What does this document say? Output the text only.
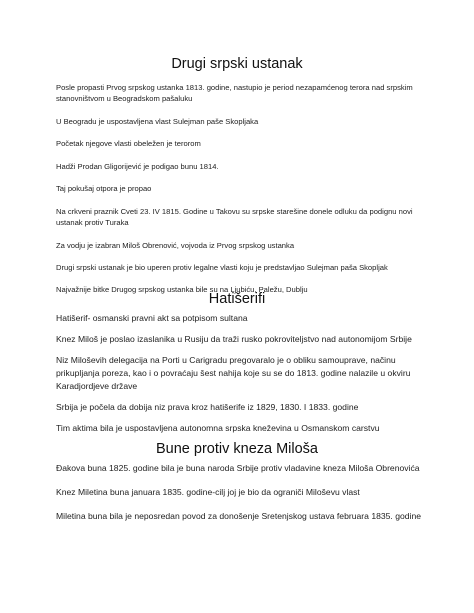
Drugi srpski ustanak

Posle propasti Prvog srpskog ustanka 1813. godine, nastupio je period nezapamćenog terora nad srpskim stanovništvom u Beogradskom pašaluku

U Beogradu je uspostavljena vlast Sulejman paše Skopljaka

Početak njegove vlasti obeležen je terorom

Hadži Prodan Gligorijević je podigao bunu 1814.

Taj pokušaj otpora je propao

Na crkveni praznik Cveti 23. IV 1815. Godine u Takovu su srpske starešine donele odluku da podignu novi ustanak protiv Turaka

Za vodju je izabran Miloš Obrenović, vojvoda iz Prvog srpskog ustanka

Drugi srpski ustanak je bio uperen protiv legalne vlasti koju je predstavljao Sulejman paša Skopljak

Najvažnije bitke Drugog srpskog ustanka bile su na Ljubiću, Paležu, Dublju

Hatišerifi

Hatišerif- osmanski pravni akt sa potpisom sultana

Knez Miloš je poslao izaslanika u Rusiju da traži rusko pokroviteljstvo nad autonomijom Srbije

Niz Miloševih delegacija na Porti u Carigradu pregovaralo je o obliku samouprave, načinu prikupljanja poreza, kao i o povraćaju šest nahija koje su se do 1813. godine nalazile u okviru Karadjordjeve države

Srbija je počela da dobija niz prava kroz hatišerife iz 1829, 1830. I 1833. godine

Tim aktima bila je uspostavljena autonomna srpska kneževina u Osmanskom carstvu

Bune protiv kneza Miloša

Đakova buna 1825. godine bila je buna naroda Srbije protiv vladavine kneza Miloša Obrenovića

Knez Miletina buna januara 1835. godine-cilj joj je bio da ograniči Miloševu vlast

Miletina buna bila je neposredan povod za donošenje Sretenjskog ustava februara 1835. godine
